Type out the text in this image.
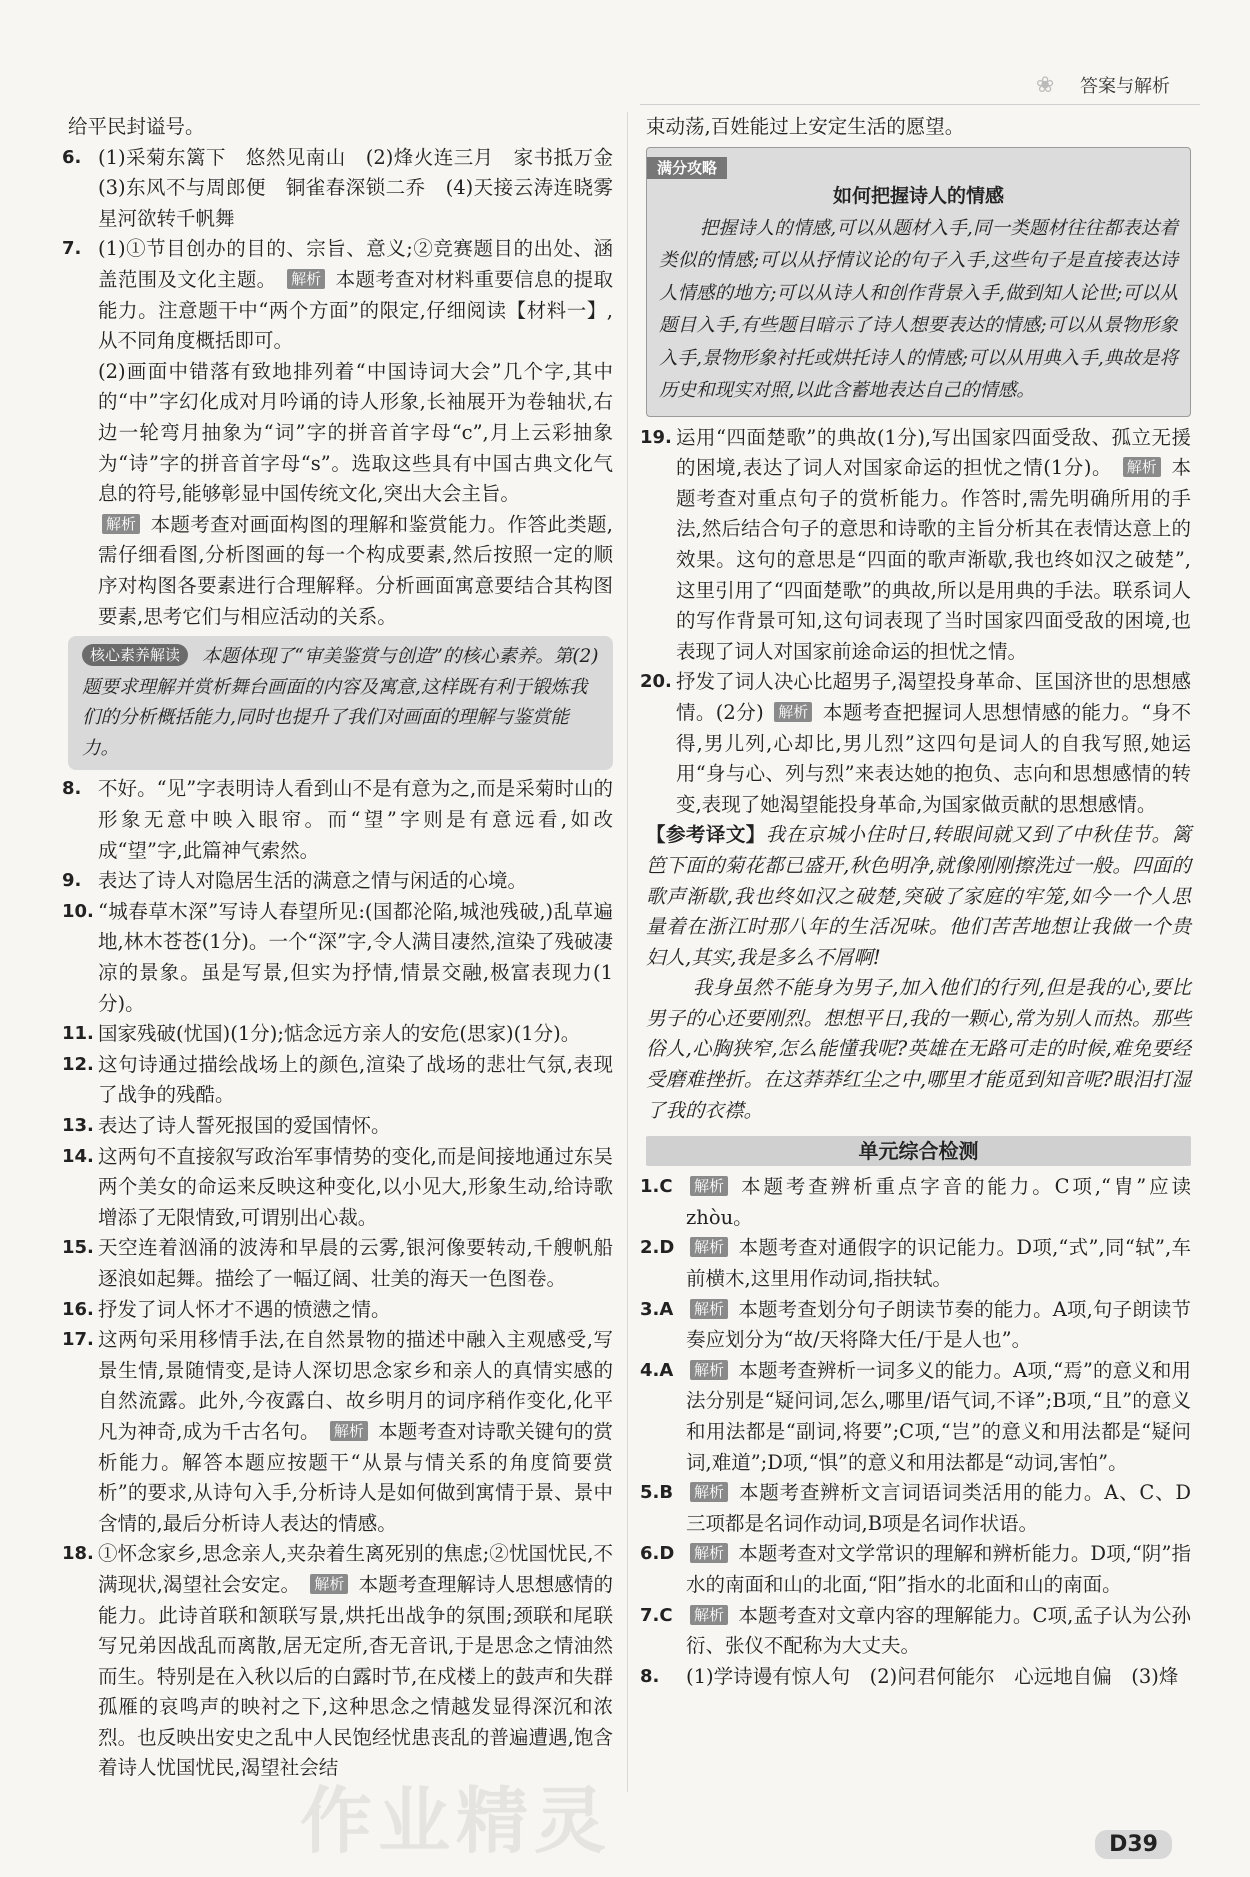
❀ 答案与解析

给平民封谥号。

6. (1)采菊东篱下　悠然见南山　(2)烽火连三月　家书抵万金　(3)东风不与周郎便　铜雀春深锁二乔　(4)天接云涛连晓雾　星河欲转千帆舞

7. (1)①节目创办的目的、宗旨、意义;②竞赛题目的出处、涵盖范围及文化主题。 解析 本题考查对材料重要信息的提取能力。注意题干中“两个方面”的限定,仔细阅读【材料一】,从不同角度概括即可。

(2)画面中错落有致地排列着“中国诗词大会”几个字,其中的“中”字幻化成对月吟诵的诗人形象,长袖展开为卷轴状,右边一轮弯月抽象为“词”字的拼音首字母“c”,月上云彩抽象为“诗”字的拼音首字母“s”。选取这些具有中国古典文化气息的符号,能够彰显中国传统文化,突出大会主旨。

解析 本题考查对画面构图的理解和鉴赏能力。作答此类题,需仔细看图,分析图画的每一个构成要素,然后按照一定的顺序对构图各要素进行合理解释。分析画面寓意要结合其构图要素,思考它们与相应活动的关系。

核心素养解读 本题体现了“审美鉴赏与创造”的核心素养。第(2)题要求理解并赏析舞台画面的内容及寓意,这样既有利于锻炼我们的分析概括能力,同时也提升了我们对画面的理解与鉴赏能力。

8. 不好。“见”字表明诗人看到山不是有意为之,而是采菊时山的形象无意中映入眼帘。而“望”字则是有意远看,如改成“望”字,此篇神气索然。

9. 表达了诗人对隐居生活的满意之情与闲适的心境。

10. “城春草木深”写诗人春望所见:(国都沦陷,城池残破,)乱草遍地,林木苍苍(1分)。一个“深”字,令人满目凄然,渲染了残破凄凉的景象。虽是写景,但实为抒情,情景交融,极富表现力(1分)。

11. 国家残破(忧国)(1分);惦念远方亲人的安危(思家)(1分)。

12. 这句诗通过描绘战场上的颜色,渲染了战场的悲壮气氛,表现了战争的残酷。

13. 表达了诗人誓死报国的爱国情怀。

14. 这两句不直接叙写政治军事情势的变化,而是间接地通过东吴两个美女的命运来反映这种变化,以小见大,形象生动,给诗歌增添了无限情致,可谓别出心裁。

15. 天空连着汹涌的波涛和早晨的云雾,银河像要转动,千艘帆船逐浪如起舞。描绘了一幅辽阔、壮美的海天一色图卷。

16. 抒发了词人怀才不遇的愤懑之情。

17. 这两句采用移情手法,在自然景物的描述中融入主观感受,写景生情,景随情变,是诗人深切思念家乡和亲人的真情实感的自然流露。此外,今夜露白、故乡明月的词序稍作变化,化平凡为神奇,成为千古名句。 解析 本题考查对诗歌关键句的赏析能力。解答本题应按题干“从景与情关系的角度简要赏析”的要求,从诗句入手,分析诗人是如何做到寓情于景、景中含情的,最后分析诗人表达的情感。

18. ①怀念家乡,思念亲人,夹杂着生离死别的焦虑;②忧国忧民,不满现状,渴望社会安定。 解析 本题考查理解诗人思想感情的能力。此诗首联和颔联写景,烘托出战争的氛围;颈联和尾联写兄弟因战乱而离散,居无定所,杳无音讯,于是思念之情油然而生。特别是在入秋以后的白露时节,在戍楼上的鼓声和失群孤雁的哀鸣声的映衬之下,这种思念之情越发显得深沉和浓烈。也反映出安史之乱中人民饱经忧患丧乱的普遍遭遇,饱含着诗人忧国忧民,渴望社会结

束动荡,百姓能过上安定生活的愿望。

满分攻略
如何把握诗人的情感
把握诗人的情感,可以从题材入手,同一类题材往往都表达着类似的情感;可以从抒情议论的句子入手,这些句子是直接表达诗人情感的地方;可以从诗人和创作背景入手,做到知人论世;可以从题目入手,有些题目暗示了诗人想要表达的情感;可以从景物形象入手,景物形象衬托或烘托诗人的情感;可以从用典入手,典故是将历史和现实对照,以此含蓄地表达自己的情感。

19. 运用“四面楚歌”的典故(1分),写出国家四面受敌、孤立无援的困境,表达了词人对国家命运的担忧之情(1分)。 解析 本题考查对重点句子的赏析能力。作答时,需先明确所用的手法,然后结合句子的意思和诗歌的主旨分析其在表情达意上的效果。这句的意思是“四面的歌声渐歇,我也终如汉之破楚”,这里引用了“四面楚歌”的典故,所以是用典的手法。联系词人的写作背景可知,这句词表现了当时国家四面受敌的困境,也表现了词人对国家前途命运的担忧之情。

20. 抒发了词人决心比超男子,渴望投身革命、匡国济世的思想感情。(2分) 解析 本题考查把握词人思想情感的能力。“身不得,男儿列,心却比,男儿烈”这四句是词人的自我写照,她运用“身与心、列与烈”来表达她的抱负、志向和思想感情的转变,表现了她渴望能投身革命,为国家做贡献的思想感情。

【参考译文】我在京城小住时日,转眼间就又到了中秋佳节。篱笆下面的菊花都已盛开,秋色明净,就像刚刚擦洗过一般。四面的歌声渐歇,我也终如汉之破楚,突破了家庭的牢笼,如今一个人思量着在浙江时那八年的生活况味。他们苦苦地想让我做一个贵妇人,其实,我是多么不屑啊!

我身虽然不能身为男子,加入他们的行列,但是我的心,要比男子的心还要刚烈。想想平日,我的一颗心,常为别人而热。那些俗人,心胸狭窄,怎么能懂我呢?英雄在无路可走的时候,难免要经受磨难挫折。在这莽莽红尘之中,哪里才能觅到知音呢?眼泪打湿了我的衣襟。

单元综合检测

1.C	解析 本题考查辨析重点字音的能力。C项,“胄”应读 zhòu。

2.D	解析 本题考查对通假字的识记能力。D项,“式”,同“轼”,车前横木,这里用作动词,指扶轼。

3.A	解析 本题考查划分句子朗读节奏的能力。A项,句子朗读节奏应划分为“故/天将降大任/于是人也”。

4.A	解析 本题考查辨析一词多义的能力。A项,“焉”的意义和用法分别是“疑问词,怎么,哪里/语气词,不译”;B项,“且”的意义和用法都是“副词,将要”;C项,“岂”的意义和用法都是“疑问词,难道”;D项,“惧”的意义和用法都是“动词,害怕”。

5.B	解析 本题考查辨析文言词语词类活用的能力。A、C、D三项都是名词作动词,B项是名词作状语。

6.D	解析 本题考查对文学常识的理解和辨析能力。D项,“阴”指水的南面和山的北面,“阳”指水的北面和山的南面。

7.C	解析 本题考查对文章内容的理解能力。C项,孟子认为公孙衍、张仪不配称为大丈夫。

8.	(1)学诗谩有惊人句　(2)问君何能尔　心远地自偏　(3)烽

作业精灵	D39
